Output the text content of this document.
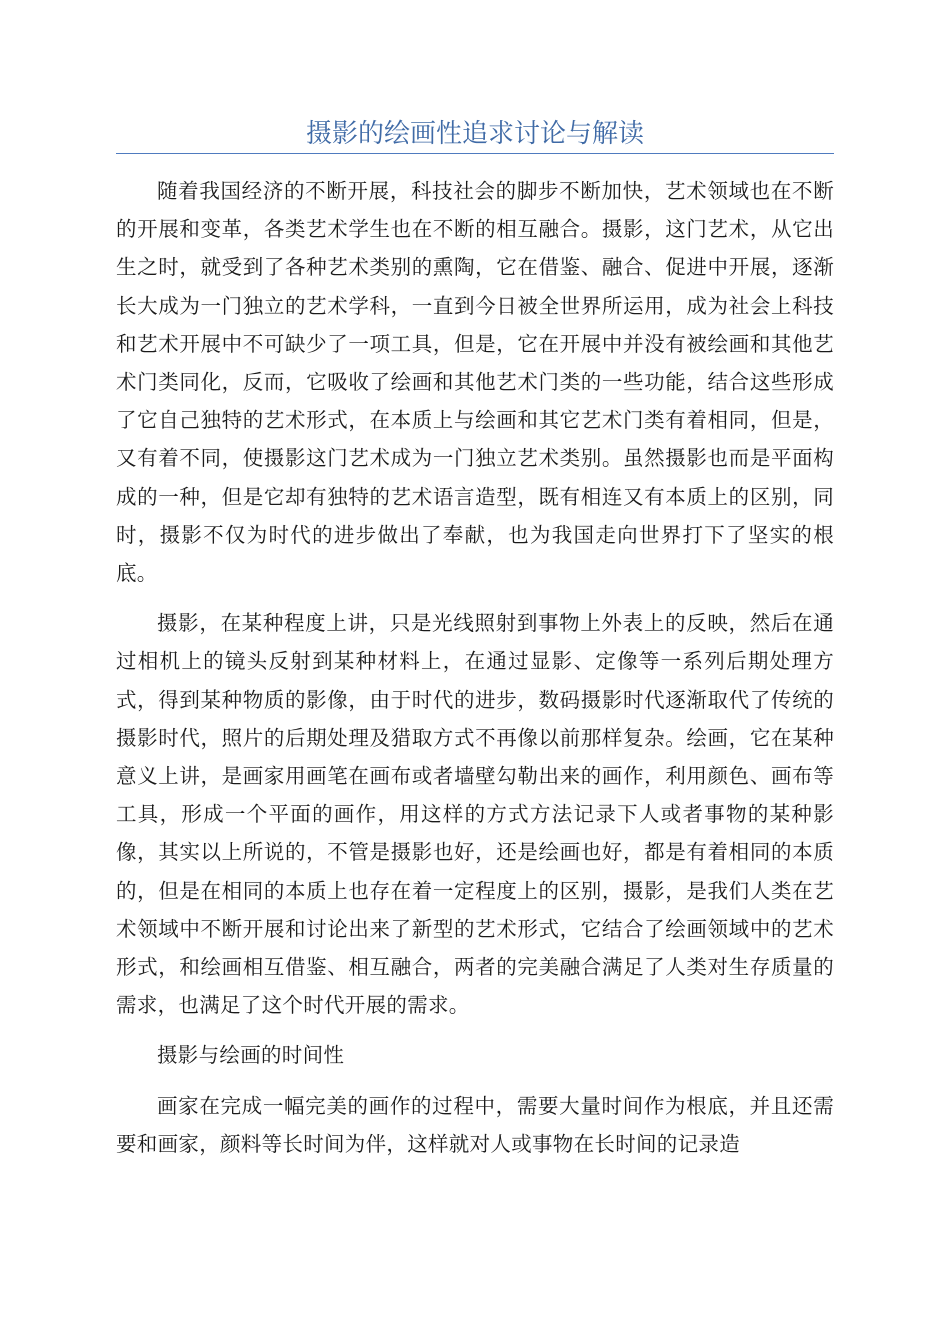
摄影的绘画性追求讨论与解读

随着我国经济的不断开展，科技社会的脚步不断加快，艺术领域也在不断的开展和变革，各类艺术学生也在不断的相互融合。摄影，这门艺术，从它出生之时，就受到了各种艺术类别的熏陶，它在借鉴、融合、促进中开展，逐渐长大成为一门独立的艺术学科，一直到今日被全世界所运用，成为社会上科技和艺术开展中不可缺少了一项工具，但是，它在开展中并没有被绘画和其他艺术门类同化，反而，它吸收了绘画和其他艺术门类的一些功能，结合这些形成了它自己独特的艺术形式，在本质上与绘画和其它艺术门类有着相同，但是，又有着不同，使摄影这门艺术成为一门独立艺术类别。虽然摄影也而是平面构成的一种，但是它却有独特的艺术语言造型，既有相连又有本质上的区别，同时，摄影不仅为时代的进步做出了奉献，也为我国走向世界打下了坚实的根底。

摄影，在某种程度上讲，只是光线照射到事物上外表上的反映，然后在通过相机上的镜头反射到某种材料上，在通过显影、定像等一系列后期处理方式，得到某种物质的影像，由于时代的进步，数码摄影时代逐渐取代了传统的摄影时代，照片的后期处理及猎取方式不再像以前那样复杂。绘画，它在某种意义上讲，是画家用画笔在画布或者墙壁勾勒出来的画作，利用颜色、画布等工具，形成一个平面的画作，用这样的方式方法记录下人或者事物的某种影像，其实以上所说的，不管是摄影也好，还是绘画也好，都是有着相同的本质的，但是在相同的本质上也存在着一定程度上的区别，摄影，是我们人类在艺术领域中不断开展和讨论出来了新型的艺术形式，它结合了绘画领域中的艺术形式，和绘画相互借鉴、相互融合，两者的完美融合满足了人类对生存质量的需求，也满足了这个时代开展的需求。

摄影与绘画的时间性

画家在完成一幅完美的画作的过程中，需要大量时间作为根底，并且还需要和画家，颜料等长时间为伴，这样就对人或事物在长时间的记录造
